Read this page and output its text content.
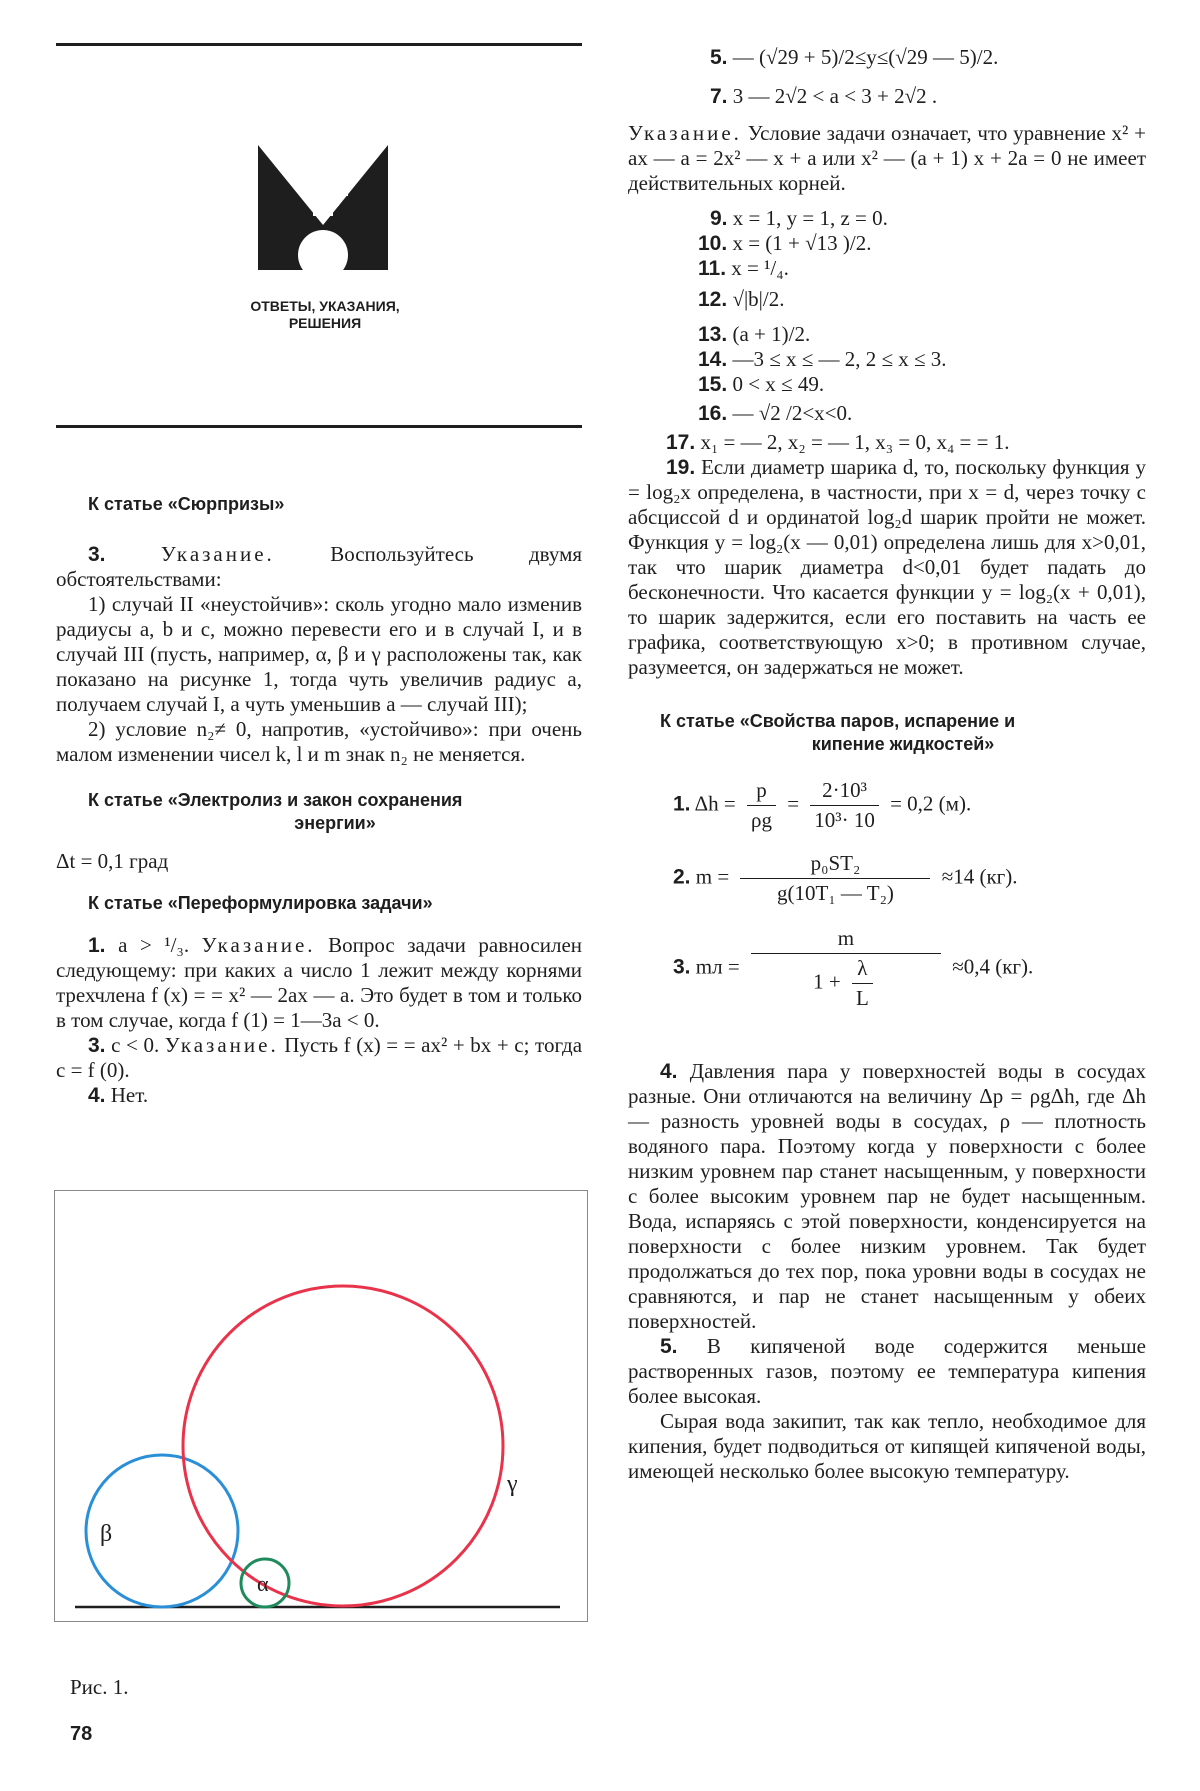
ОТВЕТЫ, УКАЗАНИЯ,
РЕШЕНИЯ

К статье «Сюрпризы»

3.	Указание.	Воспользуйтесь двумя обстоятельствами:

1) случай II «неустойчив»: сколь угодно мало изменив радиусы a, b и c, можно перевести его и в случай I, и в случай III (пусть, например, α, β и γ расположены так, как показано на рисунке 1, тогда чуть увеличив радиус a, получаем случай I, а чуть уменьшив a — случай III);

2) условие n₂≠ 0, напротив, «устойчиво»: при очень малом изменении чисел k, l и m знак n₂ не меняется.

К статье «Электролиз и закон сохранения
энергии»

Δt = 0,1 град

К статье «Переформулировка задачи»

1. a > ¹/₃. Указание. Вопрос задачи равносилен следующему: при каких a число 1 лежит между корнями трехчлена f (x) = = x² — 2ax — a. Это будет в том и только в том случае, когда f (1) = 1—3a < 0.

3. c < 0. Указание. Пусть f (x) = = ax² + bx + c; тогда c = f (0).

4. Нет.

β
α
γ
Рис. 1.
78

5. — (√29 + 5)/2≤y≤(√29 — 5)/2.

7. 3 — 2√2 < a < 3 + 2√2 .

Указание. Условие задачи означает, что уравнение x² + ax — a = 2x² — x + a или x² — (a + 1) x + 2a = 0 не имеет действительных корней.

9. x = 1, y = 1, z = 0.

10. x = (1 + √13 )/2.

11. x = ¹/₄.

12. √|b|/2.

13. (a + 1)/2.

14. —3 ≤ x ≤ — 2, 2 ≤ x ≤ 3.

15. 0 < x ≤ 49.

16. — √2 /2<x<0.

17. x₁ = — 2, x₂ = — 1, x₃ = 0, x₄ = = 1.

19. Если диаметр шарика d, то, поскольку функция y = log₂x определена, в частности, при x = d, через точку с абсциссой d и ординатой log₂d шарик пройти не может. Функция y = log₂(x — 0,01) определена лишь для x>0,01, так что шарик диаметра d<0,01 будет падать до бесконечности. Что касается функции y = log₂(x + 0,01), то шарик задержится, если его поставить на часть ее графика, соответствующую x>0; в противном случае, разумеется, он задержаться не может.

К статье «Свойства паров, испарение и
кипение жидкостей»

1. $\Delta h = \frac{p}{\rho g} = \frac{\text{2·10³}}{\text{10³· 10}} = 0,2$ (м).
2. $m = \frac{\text{p₀ST₂}}{\text{g(10T₁ — T₂)}} \approx 14$ (кг).
3. mл = $\frac{m}{1 + \frac{\lambda}{L}} \approx 0,4$ (кг).

4. Давления пара у поверхностей воды в сосудах разные. Они отличаются на величину Δp = ρgΔh, где Δh — разность уровней воды в сосудах, ρ — плотность водяного пара. Поэтому когда у поверхности с более низким уровнем пар станет насыщенным, у поверхности с более высоким уровнем пар не будет насыщенным. Вода, испаряясь с этой поверхности, конденсируется на поверхности с более низким уровнем. Так будет продолжаться до тех пор, пока уровни воды в сосудах не сравняются, и пар не станет насыщенным у обеих поверхностей.

5. В кипяченой воде содержится меньше растворенных газов, поэтому ее температура кипения более высокая.

Сырая вода закипит, так как тепло, необходимое для кипения, будет подводиться от кипящей кипяченой воды, имеющей несколько более высокую температуру.
